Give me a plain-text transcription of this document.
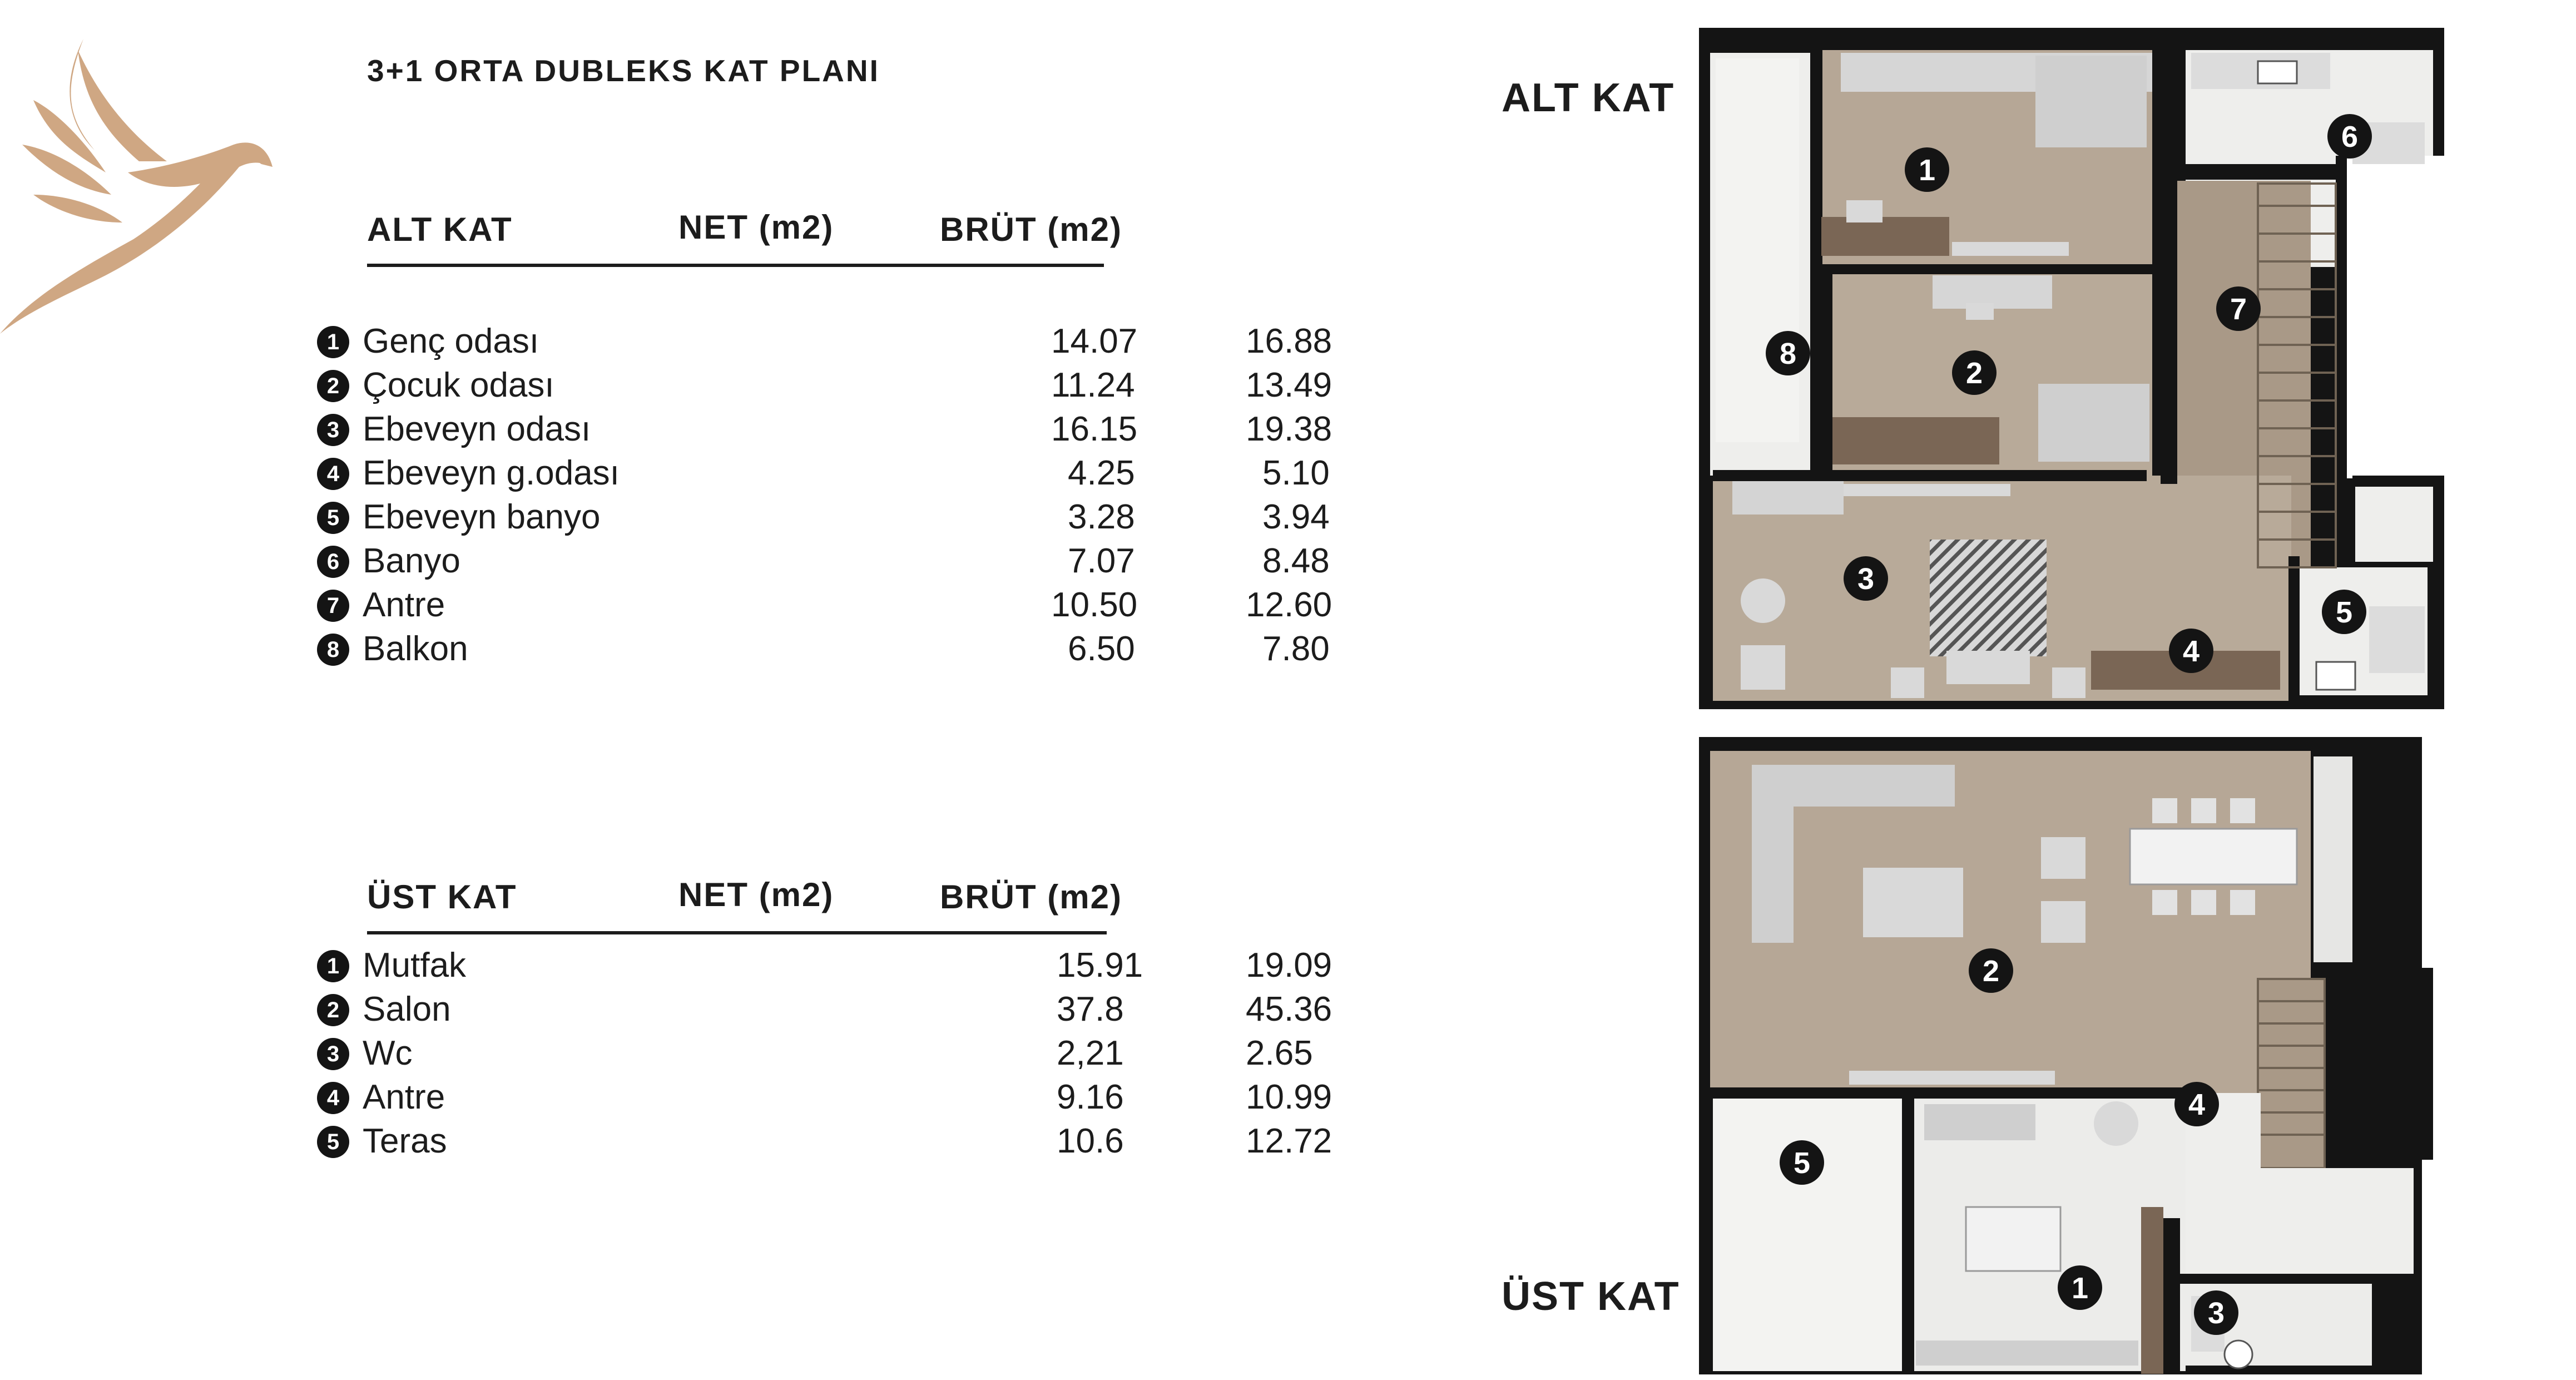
3+1 ORTA DUBLEKS KAT PLANI
ALT KAT	NET (m2)	BRÜT (m2)
1 Genç odası	14.07	16.88
2 Çocuk odası	11.24	13.49
3 Ebeveyn odası	16.15	19.38
4 Ebeveyn g.odası	4.25	5.10
5 Ebeveyn banyo	3.28	3.94
6 Banyo	7.07	8.48
7 Antre	10.50	12.60
8 Balkon	6.50	7.80
ÜST KAT	NET (m2)	BRÜT (m2)
1 Mutfak	15.91	19.09
2 Salon	37.8	45.36
3 Wc	2,21	2.65
4 Antre	9.16	10.99
5 Teras	10.6	12.72
ALT KAT
ÜST KAT
1
2
3
4
5
6
7
8
1
2
3
4
5
